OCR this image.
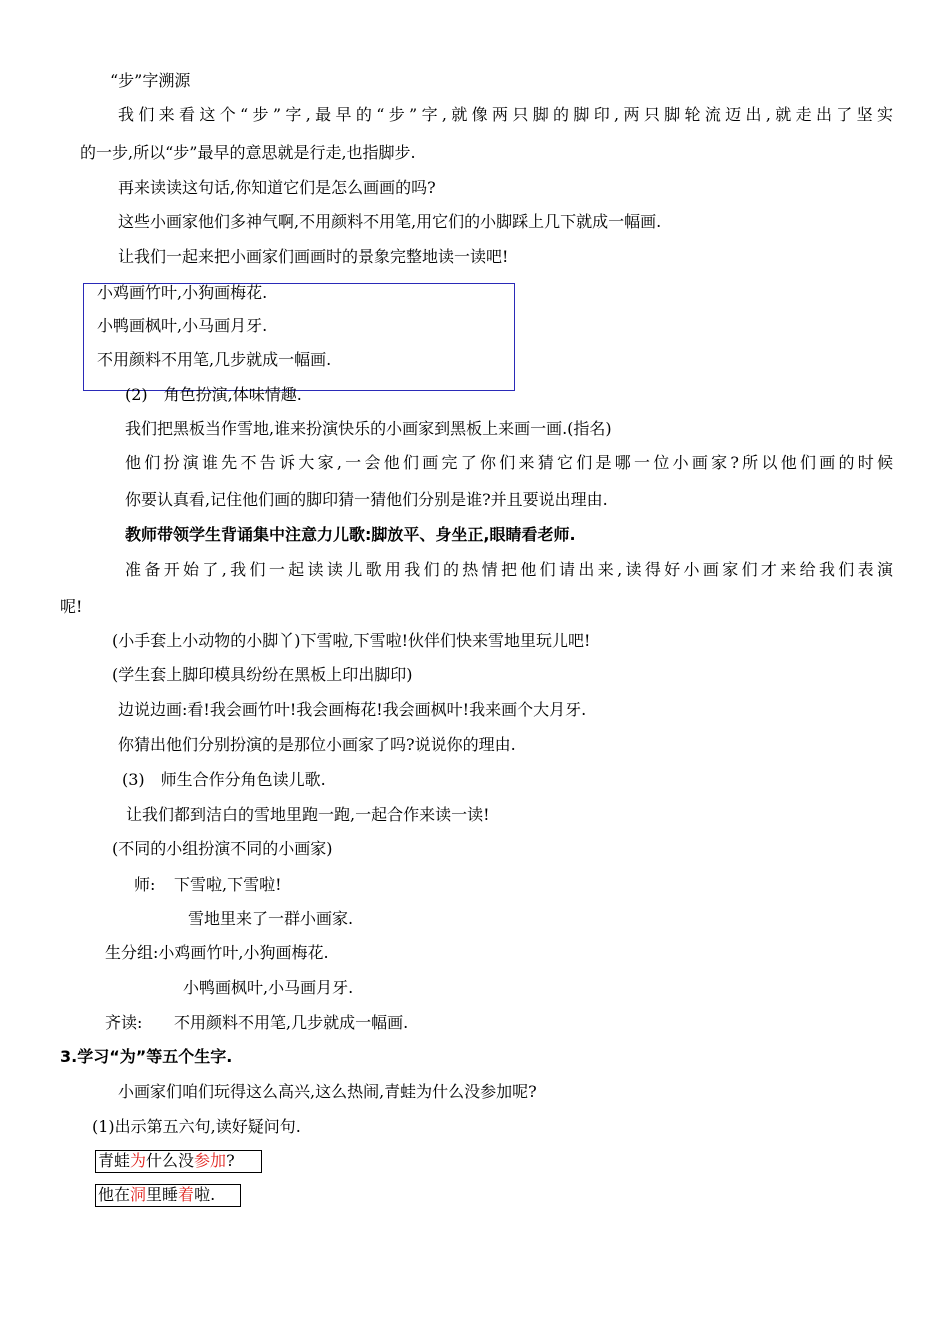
“步”字溯源
我们来看这个“步”字,最早的“步”字,就像两只脚的脚印,两只脚轮流迈出,就走出了坚实
的一步,所以“步”最早的意思就是行走,也指脚步.
再来读读这句话,你知道它们是怎么画画的吗?
这些小画家他们多神气啊,不用颜料不用笔,用它们的小脚踩上几下就成一幅画.
让我们一起来把小画家们画画时的景象完整地读一读吧!
小鸡画竹叶,小狗画梅花.
小鸭画枫叶,小马画月牙.
不用颜料不用笔,几步就成一幅画.
(2)　角色扮演,体味情趣.
我们把黑板当作雪地,谁来扮演快乐的小画家到黑板上来画一画.(指名)
他们扮演谁先不告诉大家,一会他们画完了你们来猜它们是哪一位小画家?所以他们画的时候
你要认真看,记住他们画的脚印猜一猜他们分别是谁?并且要说出理由.
教师带领学生背诵集中注意力儿歌:脚放平、身坐正,眼睛看老师.
准备开始了,我们一起读读儿歌用我们的热情把他们请出来,读得好小画家们才来给我们表演
呢!
(小手套上小动物的小脚丫)下雪啦,下雪啦!伙伴们快来雪地里玩儿吧!
(学生套上脚印模具纷纷在黑板上印出脚印)
边说边画:看!我会画竹叶!我会画梅花!我会画枫叶!我来画个大月牙.
你猜出他们分别扮演的是那位小画家了吗?说说你的理由.
(3)　师生合作分角色读儿歌.
让我们都到洁白的雪地里跑一跑,一起合作来读一读!
(不同的小组扮演不同的小画家)
师: 下雪啦,下雪啦!
雪地里来了一群小画家.
生分组:小鸡画竹叶,小狗画梅花.
小鸭画枫叶,小马画月牙.
齐读: 不用颜料不用笔,几步就成一幅画.
3.学习“为”等五个生字.
小画家们咱们玩得这么高兴,这么热闹,青蛙为什么没参加呢?
(1)出示第五六句,读好疑问句.
青蛙为什么没参加?
他在洞里睡着啦.
